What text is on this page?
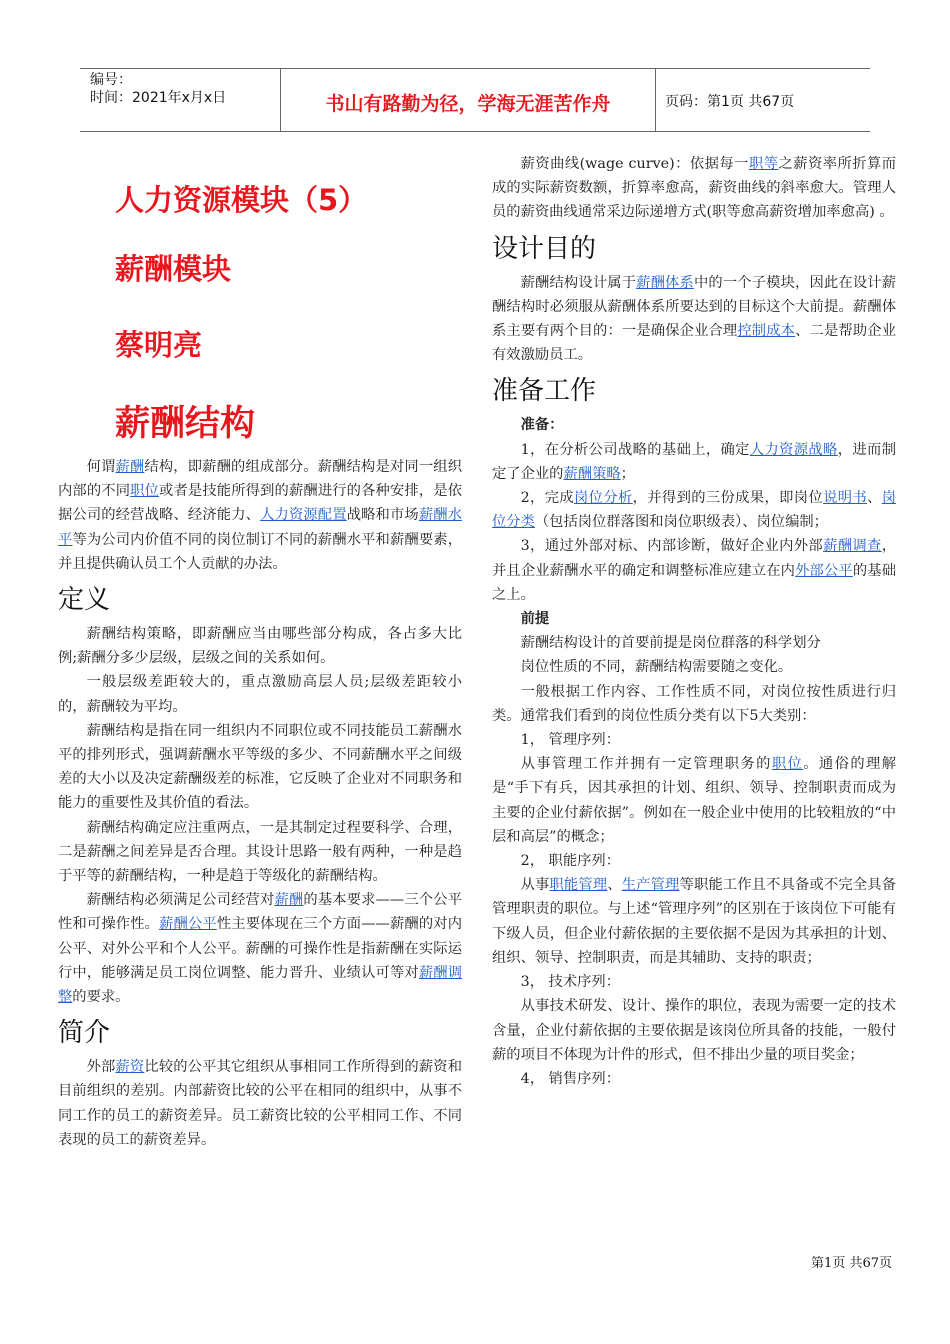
编号：
时间：2021年x月x日	书山有路勤为径，学海无涯苦作舟	页码：第1页 共67页
人力资源模块（5）
薪酬模块
蔡明亮
薪酬结构

何谓薪酬结构，即薪酬的组成部分。薪酬结构是对同一组织内部的不同职位或者是技能所得到的薪酬进行的各种安排，是依据公司的经营战略、经济能力、人力资源配置战略和市场薪酬水平等为公司内价值不同的岗位制订不同的薪酬水平和薪酬要素，并且提供确认员工个人贡献的办法。

定义

薪酬结构策略，即薪酬应当由哪些部分构成，各占多大比例;薪酬分多少层级，层级之间的关系如何。

一般层级差距较大的，重点激励高层人员;层级差距较小的，薪酬较为平均。

薪酬结构是指在同一组织内不同职位或不同技能员工薪酬水平的排列形式，强调薪酬水平等级的多少、不同薪酬水平之间级差的大小以及决定薪酬级差的标准，它反映了企业对不同职务和能力的重要性及其价值的看法。

薪酬结构确定应注重两点，一是其制定过程要科学、合理，二是薪酬之间差异是否合理。其设计思路一般有两种，一种是趋于平等的薪酬结构，一种是趋于等级化的薪酬结构。

薪酬结构必须满足公司经营对薪酬的基本要求——三个公平性和可操作性。薪酬公平性主要体现在三个方面——薪酬的对内公平、对外公平和个人公平。薪酬的可操作性是指薪酬在实际运行中，能够满足员工岗位调整、能力晋升、业绩认可等对薪酬调整的要求。

简介

外部薪资比较的公平其它组织从事相同工作所得到的薪资和目前组织的差别。内部薪资比较的公平在相同的组织中，从事不同工作的员工的薪资差异。员工薪资比较的公平相同工作、不同表现的员工的薪资差异。

薪资曲线(wage curve)：依据每一职等之薪资率所折算而成的实际薪资数额，折算率愈高，薪资曲线的斜率愈大。管理人员的薪资曲线通常采边际递增方式(职等愈高薪资增加率愈高) 。

设计目的

薪酬结构设计属于薪酬体系中的一个子模块，因此在设计薪酬结构时必须服从薪酬体系所要达到的目标这个大前提。薪酬体系主要有两个目的：一是确保企业合理控制成本、二是帮助企业有效激励员工。

准备工作

准备：

1，在分析公司战略的基础上，确定人力资源战略，进而制定了企业的薪酬策略；

2，完成岗位分析，并得到的三份成果，即岗位说明书、岗位分类（包括岗位群落图和岗位职级表）、岗位编制；

3，通过外部对标、内部诊断，做好企业内外部薪酬调查，并且企业薪酬水平的确定和调整标准应建立在内外部公平的基础之上。

前提

薪酬结构设计的首要前提是岗位群落的科学划分

岗位性质的不同，薪酬结构需要随之变化。

一般根据工作内容、工作性质不同，对岗位按性质进行归类。通常我们看到的岗位性质分类有以下5大类别：

1， 管理序列：

从事管理工作并拥有一定管理职务的职位。通俗的理解是“手下有兵，因其承担的计划、组织、领导、控制职责而成为主要的企业付薪依据”。例如在一般企业中使用的比较粗放的“中层和高层”的概念；

2， 职能序列：

从事职能管理、生产管理等职能工作且不具备或不完全具备管理职责的职位。与上述“管理序列”的区别在于该岗位下可能有下级人员，但企业付薪依据的主要依据不是因为其承担的计划、组织、领导、控制职责，而是其辅助、支持的职责；

3， 技术序列：

从事技术研发、设计、操作的职位，表现为需要一定的技术含量，企业付薪依据的主要依据是该岗位所具备的技能，一般付薪的项目不体现为计件的形式，但不排出少量的项目奖金；

4， 销售序列：

第1页 共67页
